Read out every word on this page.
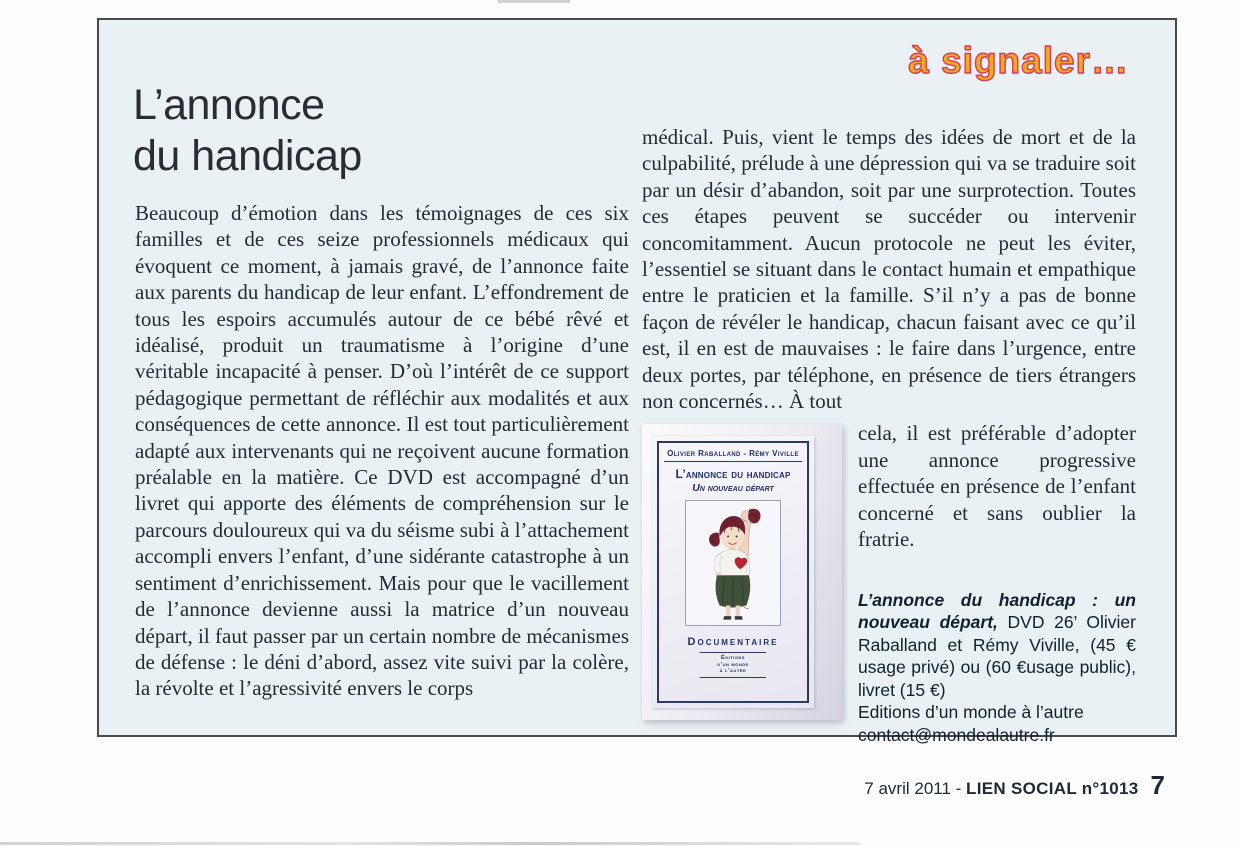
à signaler…
L’annonce
du handicap

Beaucoup d’émotion dans les témoignages de ces six familles et de ces seize professionnels médicaux qui évoquent ce moment, à jamais gravé, de l’annonce faite aux parents du handicap de leur enfant. L’effondrement de tous les espoirs accumulés autour de ce bébé rêvé et idéalisé, produit un traumatisme à l’origine d’une véritable incapacité à penser. D’où l’intérêt de ce support pédagogique permettant de réfléchir aux modalités et aux conséquences de cette annonce. Il est tout particulièrement adapté aux intervenants qui ne reçoivent aucune formation préalable en la matière. Ce DVD est accompagné d’un livret qui apporte des éléments de compréhension sur le parcours douloureux qui va du séisme subi à l’attachement accompli envers l’enfant, d’une sidérante catastrophe à un sentiment d’enrichissement. Mais pour que le vacillement de l’annonce devienne aussi la matrice d’un nouveau départ, il faut passer par un certain nombre de mécanismes de défense : le déni d’abord, assez vite suivi par la colère, la révolte et l’agressivité envers le corps

médical. Puis, vient le temps des idées de mort et de la culpabilité, prélude à une dépression qui va se traduire soit par un désir d’abandon, soit par une surprotection. Toutes ces étapes peuvent se succéder ou intervenir concomitamment. Aucun protocole ne peut les éviter, l’essentiel se situant dans le contact humain et empathique entre le praticien et la famille. S’il n’y a pas de bonne façon de révéler le handicap, chacun faisant avec ce qu’il est, il en est de mauvaises : le faire dans l’urgence, entre deux portes, par téléphone, en présence de tiers étrangers non concernés… À tout

Olivier Raballand - Rémy Viville
L’annonce du handicap
Un nouveau départ
Documentaire
Éditions
d’un monde
à l’autre

cela, il est préférable d’adopter une annonce progressive effectuée en présence de l’enfant concerné et sans oublier la fratrie.

L’annonce du handicap : un nouveau départ, DVD 26’ Olivier Raballand et Rémy Viville, (45 € usage privé) ou (60 €usage public), livret (15 €)

Editions d’un monde à l’autre
contact@mondealautre.fr
7 avril 2011 - LIEN SOCIAL n°1013 7
